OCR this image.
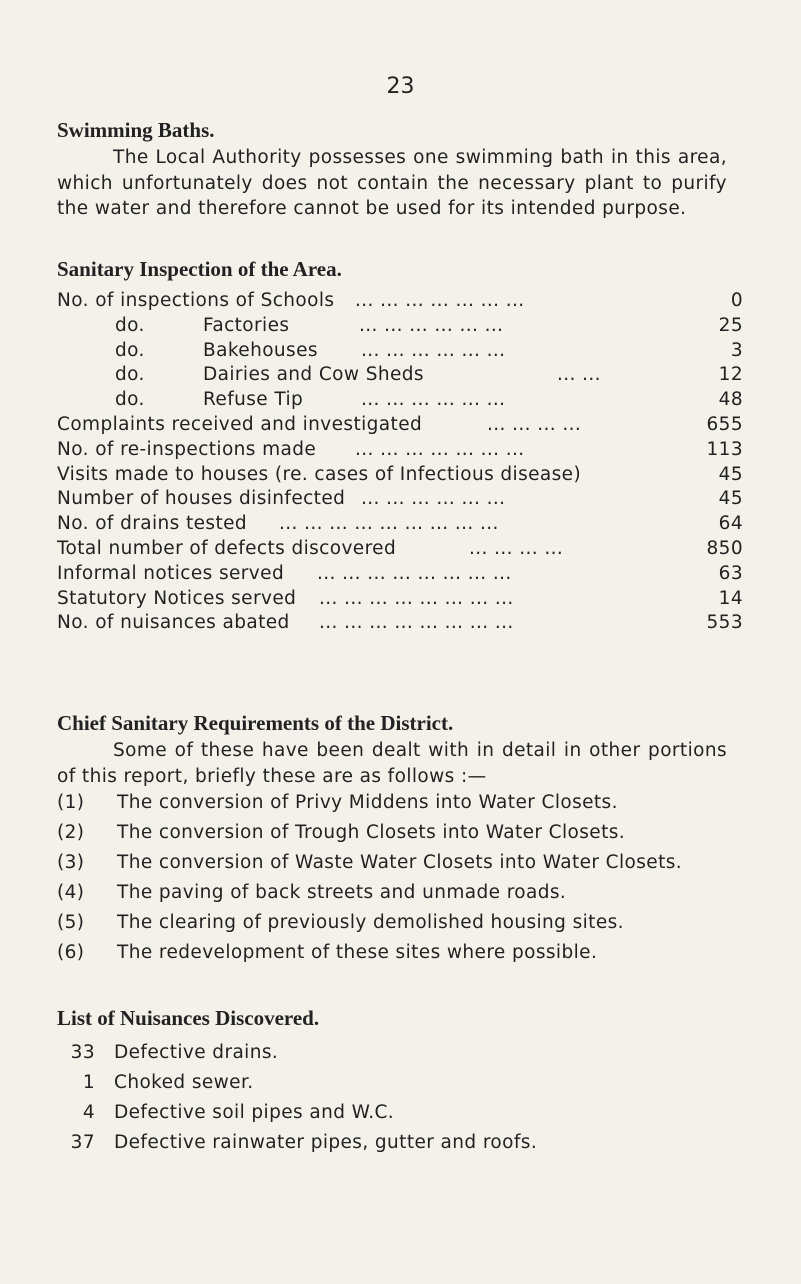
23
Swimming Baths.
The Local Authority possesses one swimming bath in this area, which unfortunately does not contain the necessary plant to purify the water and therefore cannot be used for its intended purpose.
Sanitary Inspection of the Area.
No. of inspections of Schools ... ... ... ... ... ... ...	0
do.	Factories	... ... ... ... ... ...	25
do.	Bakehouses ... ... ... ... ... ...	3
do.	Dairies and Cow Sheds	... ...	12
do.	Refuse Tip	... ... ... ... ... ...	48
Complaints received and investigated	... ... ... ...	655
No. of re-inspections made ... ... ... ... ... ... ...	113
Visits made to houses (re. cases of Infectious disease)	45
Number of houses disinfected ... ... ... ... ... ...	45
No. of drains tested ... ... ... ... ... ... ... ... ...	64
Total number of defects discovered	... ... ... ...	850
Informal notices served ... ... ... ... ... ... ... ...	63
Statutory Notices served ... ... ... ... ... ... ... ...	14
No. of nuisances abated ... ... ... ... ... ... ... ...	553
Chief Sanitary Requirements of the District.
Some of these have been dealt with in detail in other portions of this report, briefly these are as follows :—
(1) The conversion of Privy Middens into Water Closets.
(2) The conversion of Trough Closets into Water Closets.
(3) The conversion of Waste Water Closets into Water Closets.
(4) The paving of back streets and unmade roads.
(5) The clearing of previously demolished housing sites.
(6) The redevelopment of these sites where possible.
List of Nuisances Discovered.
33 Defective drains.
1 Choked sewer.
4 Defective soil pipes and W.C.
37 Defective rainwater pipes, gutter and roofs.
